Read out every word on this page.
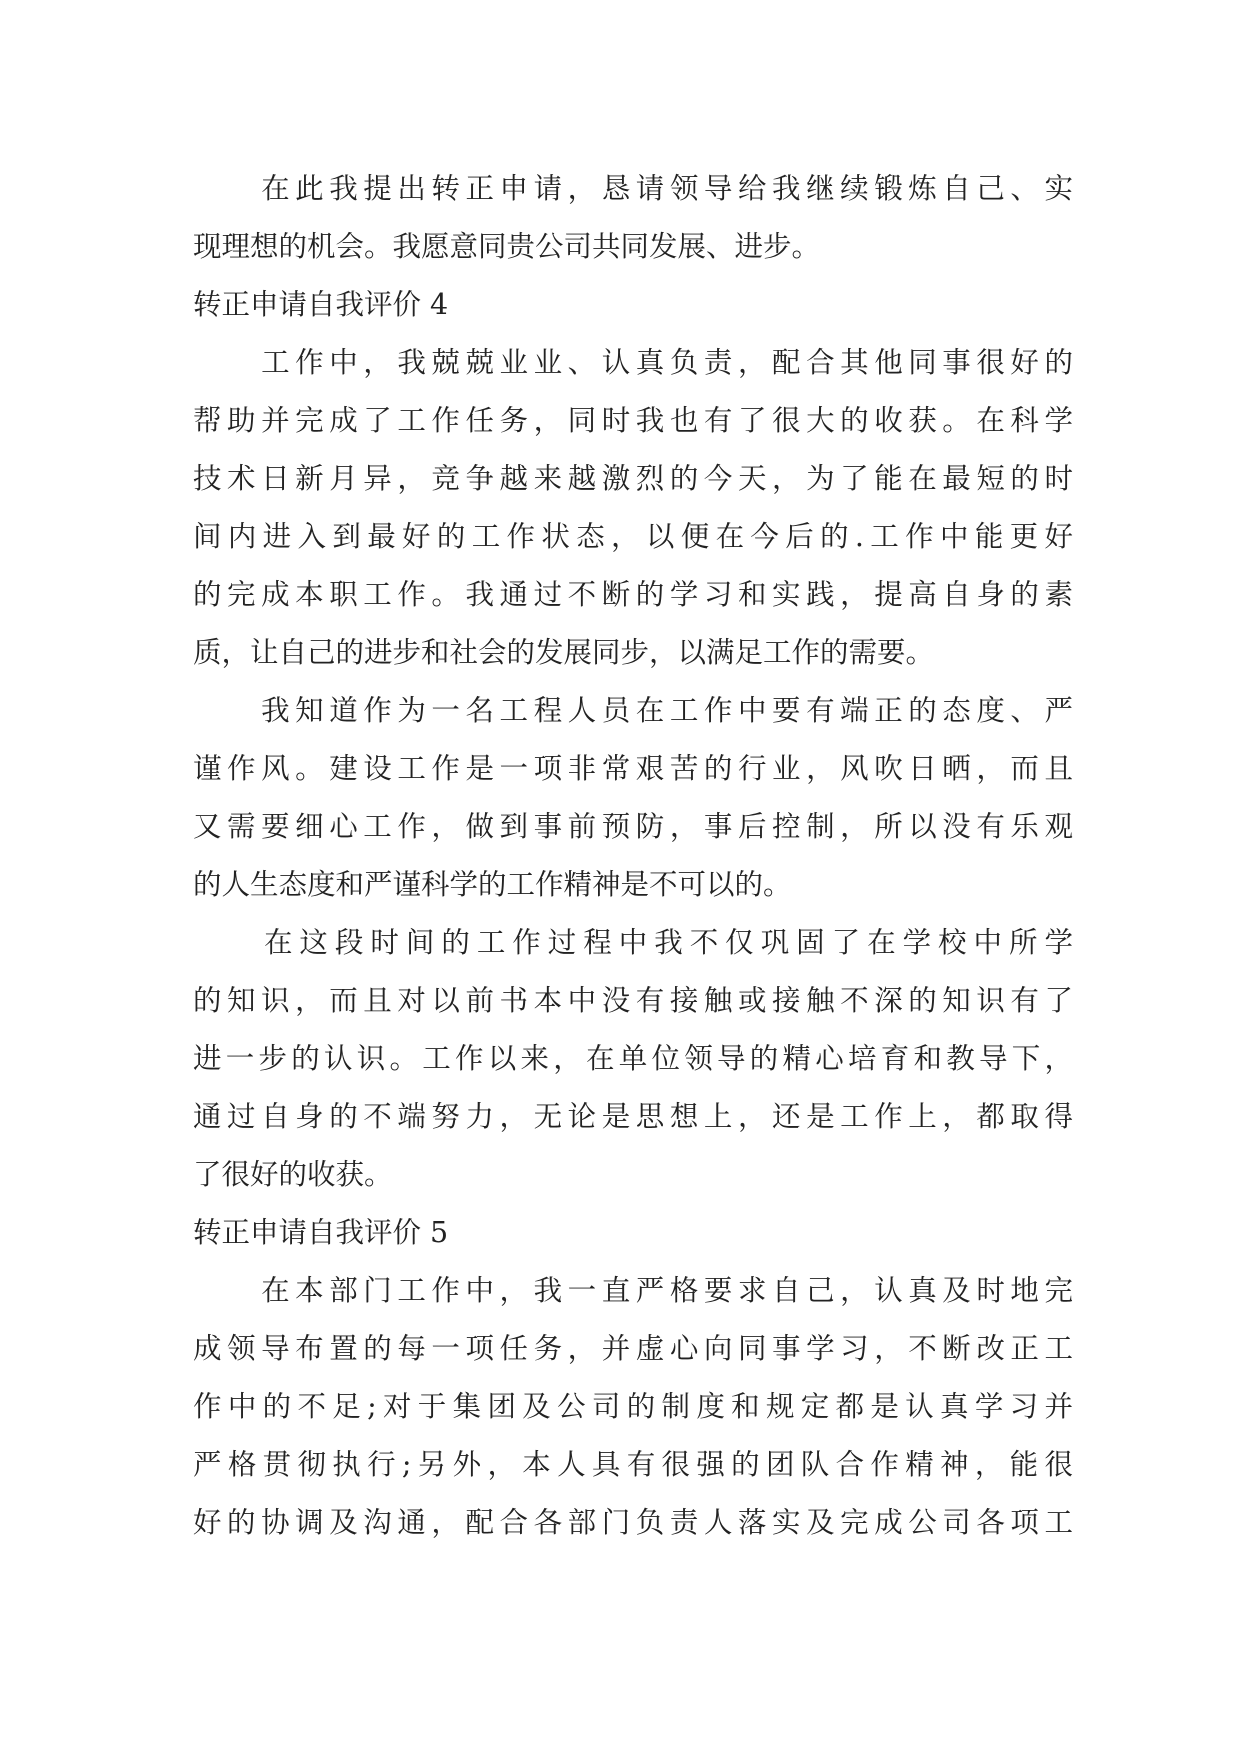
　　在此我提出转正申请，恳请领导给我继续锻炼自己、实
现理想的机会。我愿意同贵公司共同发展、进步。
转正申请自我评价 4
　　工作中，我兢兢业业、认真负责，配合其他同事很好的
帮助并完成了工作任务，同时我也有了很大的收获。在科学
技术日新月异，竞争越来越激烈的今天，为了能在最短的时
间内进入到最好的工作状态，以便在今后的.工作中能更好
的完成本职工作。我通过不断的学习和实践，提高自身的素
质，让自己的进步和社会的发展同步，以满足工作的需要。
　　我知道作为一名工程人员在工作中要有端正的态度、严
谨作风。建设工作是一项非常艰苦的行业，风吹日晒，而且
又需要细心工作，做到事前预防，事后控制，所以没有乐观
的人生态度和严谨科学的工作精神是不可以的。
　　在这段时间的工作过程中我不仅巩固了在学校中所学
的知识，而且对以前书本中没有接触或接触不深的知识有了
进一步的认识。工作以来，在单位领导的精心培育和教导下，
通过自身的不端努力，无论是思想上，还是工作上，都取得
了很好的收获。
转正申请自我评价 5
　　在本部门工作中，我一直严格要求自己，认真及时地完
成领导布置的每一项任务，并虚心向同事学习，不断改正工
作中的不足;对于集团及公司的制度和规定都是认真学习并
严格贯彻执行;另外，本人具有很强的团队合作精神，能很
好的协调及沟通，配合各部门负责人落实及完成公司各项工
